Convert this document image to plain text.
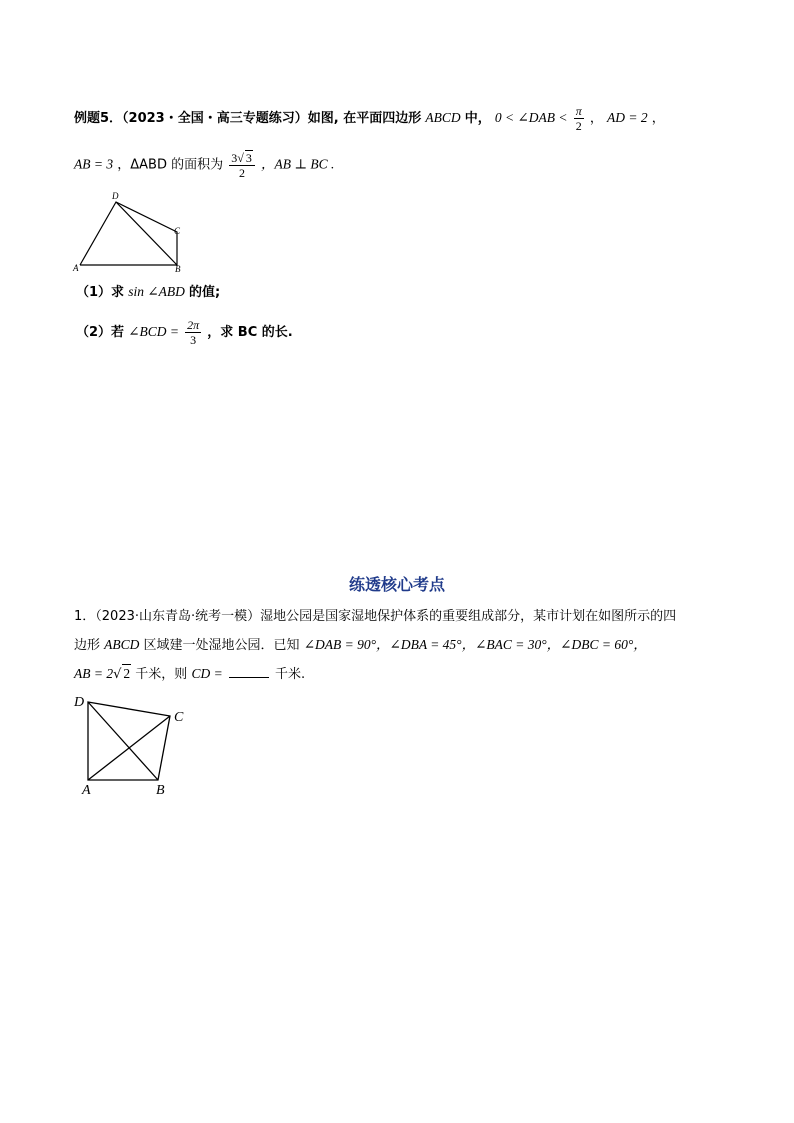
例题5．（2023・全国・高三专题练习）如图, 在平面四边形 ABCD 中， 0 < ∠DAB < $\frac{\pi}{2}$ ， AD = 2 ，
AB = 3 ，ΔABD 的面积为 $\frac{3√ 3}{2}$ ，AB ⊥ BC .
A	B
C
D
（1）求 sin ∠ABD 的值;
（2）若 ∠BCD = $\frac{2\pi}{3}$ ，求 BC 的长.
练透核心考点
1．（2023·山东青岛·统考一模）湿地公园是国家湿地保护体系的重要组成部分，某市计划在如图所示的四
边形 ABCD 区域建一处湿地公园．已知 ∠DAB = 90°，∠DBA = 45°，∠BAC = 30°，∠DBC = 60°，
AB = 2√ 2 千米，则 CD =	千米.
D
C
A	B
